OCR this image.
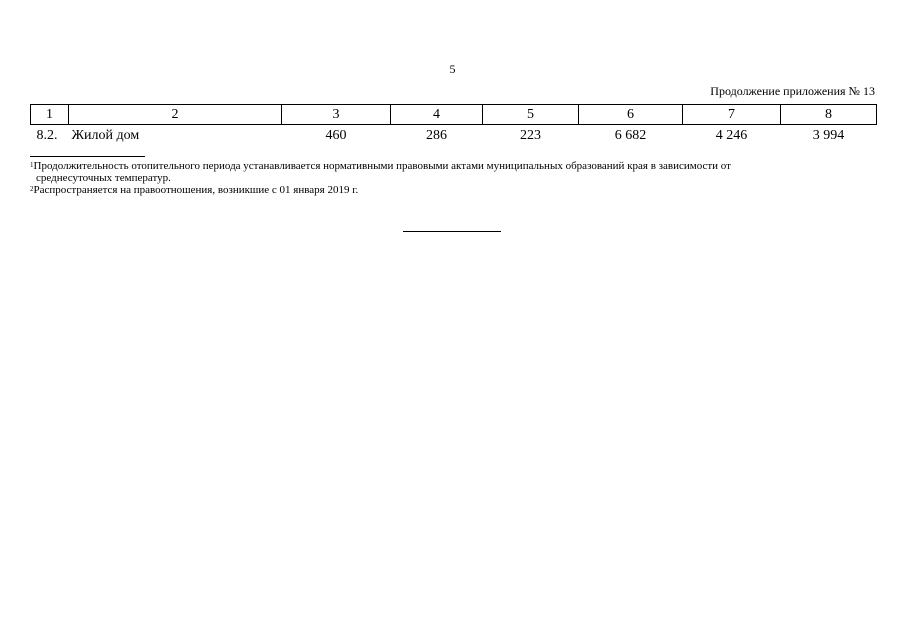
5
Продолжение приложения № 13
1	2	3	4	5	6	7	8
8.2.	Жилой дом	460	286	223	6 682	4 246	3 994

$^1$Продолжительность отопительного периода устанавливается нормативными правовыми актами муниципальных образований края в зависимости от
среднесуточных температур.

$^2$Распространяется на правоотношения, возникшие с 01 января 2019 г.
